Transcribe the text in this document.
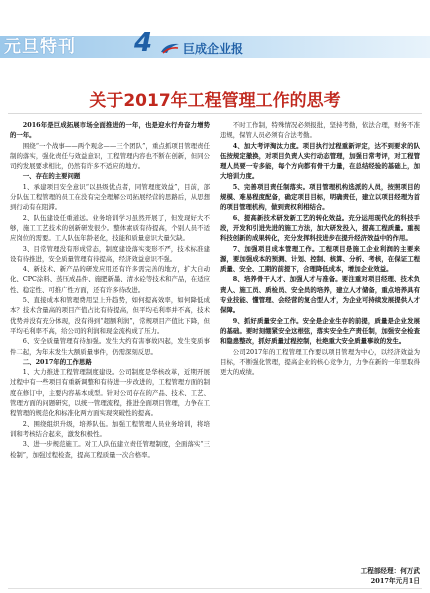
元旦特刊 4	巨成企业报
关于2017年工程管理工作的思考

2016年是巨成拓展市场全面推进的一年，也是迎水行舟奋力增势的一年。

围绕“一个战事——两个观念——三个团队”，重点抓项目管理责任制的落实，强化责任与效益意识，工程管理内容也不断在创新，但同公司约发展要求相比，仍然有许多不适应的地方。

一、存在的主要问题

1、承建项目安全意识“以县级优点者，同管理度效益”，目前，部分队伍工程管理的员工在没有完全理解公司拓展经营的思路后，从思想到行动有在阻滞。

2、队伍建设任重道远。业务培训学习虽然开展了，但发现好大不够，施工工艺技术的创新研发很少。整体素质有待提高，个别人员不适应岗位的需要。工人队伍年龄老化，技能和质量意识大量欠缺。

3、目常管理没有形成常态，制度建设落实变形不严，技术标准建设有待推进，安全质量管理有待提高，经济效益意识不强。

4、新技术、新产品的研发应用还有许多需完善的地方，扩大自动化、CPC涂料、蒸压成品件、施肥新墨、清水砼等技术和产品，在适应性、稳定性、可推广性方面，还有许多待改进。

5、直接成本和管理费用呈上升趋势，如何提高效率，如何降低成本？技术含量高的项目产值占比有待提高，但平均毛利率并不高，技术优势并没有充分体现，没有得到“超额利润”，常规项目产值比下降，但平均毛利率不高，给公司的利润和现金流构成了压力。

6、安全质量管理有待加强。发生大约有害事故四起，发生变质事件二起，为年末发生大额质量事件，仍需深刻反思。

二、2017年的工作思路

1、大力推进工程管理制度建设。公司制度是华核改革，近期开展过程中有一些项目有重新调整和有待进一步改进的，工程管理方面的制度在修订中，主要内容基本成型。针对公司存在的产品、技术、工艺、管理方面的问题研究，以统一管理流程，推进全面项目管理，力争在工程管理的规范化和标准化两方面实现突破性的提高。

2、围绕组织升级，培养队伍。加强工程管理人员业务培训，将培训和考核结合起来，激发积极性。

3、进一步规范施工。对工人队伍建立责任管理制度，全面落实“三检制”，加强过程检查，提高工程质量一次合格率。

不时工作制，特殊情况必须报批，坚持考勤，依法合理，财务不准违规，保管人员必须有合法考勤。

4、加大考评淘汰力度。项目执行过程重新评定，达不到要求的队伍按规定撤换，对项目负责人实行动态管理，加强日常考评，对工程管理人员要一专多能，每个方向都有骨干力量，在总结经验的基础上，加大培训力度。

5、完善项目责任制落实。项目管理机构选派的人员，按照项目的规模、难易程度配备，确定项目目标，明确责任，建立以项目经理为首的项目管理机构，做到责权利相结合。

6、提高新技术研发新工艺的转化效益。充分运用现代化的科技手段，开发和引进先进的施工方法，加大研发投入，提高工程质量。重视科技创新的成果转化，充分发挥科技进步在提升经济效益中的作用。

7、加强项目成本管理工作。工程项目是施工企业利润的主要来源，要加强成本的预测、计划、控制、核算、分析、考核，在保证工程质量、安全、工期的前提下，合理降低成本，增加企业效益。

8、培养骨干人才、加强人才与准备。要注重对项目经理、技术负责人、施工员、质检员、安全员的培养，建立人才储备，重点培养具有专业技能、懂管理、会经营的复合型人才，为企业可持续发展提供人才保障。

9、抓好质量安全工作。安全是企业生存的前提，质量是企业发展的基础。要时刻绷紧安全这根弦，落实安全生产责任制，加强安全检查和隐患整改，抓好质量过程控制，杜绝重大安全质量事故的发生。

公司2017年的工程管理工作要以项目管理为中心，以经济效益为目标，不断强化管理，提高企业的核心竞争力，力争在新的一年里取得更大的成绩。

工程部经理：何万武
2017年元月1日
